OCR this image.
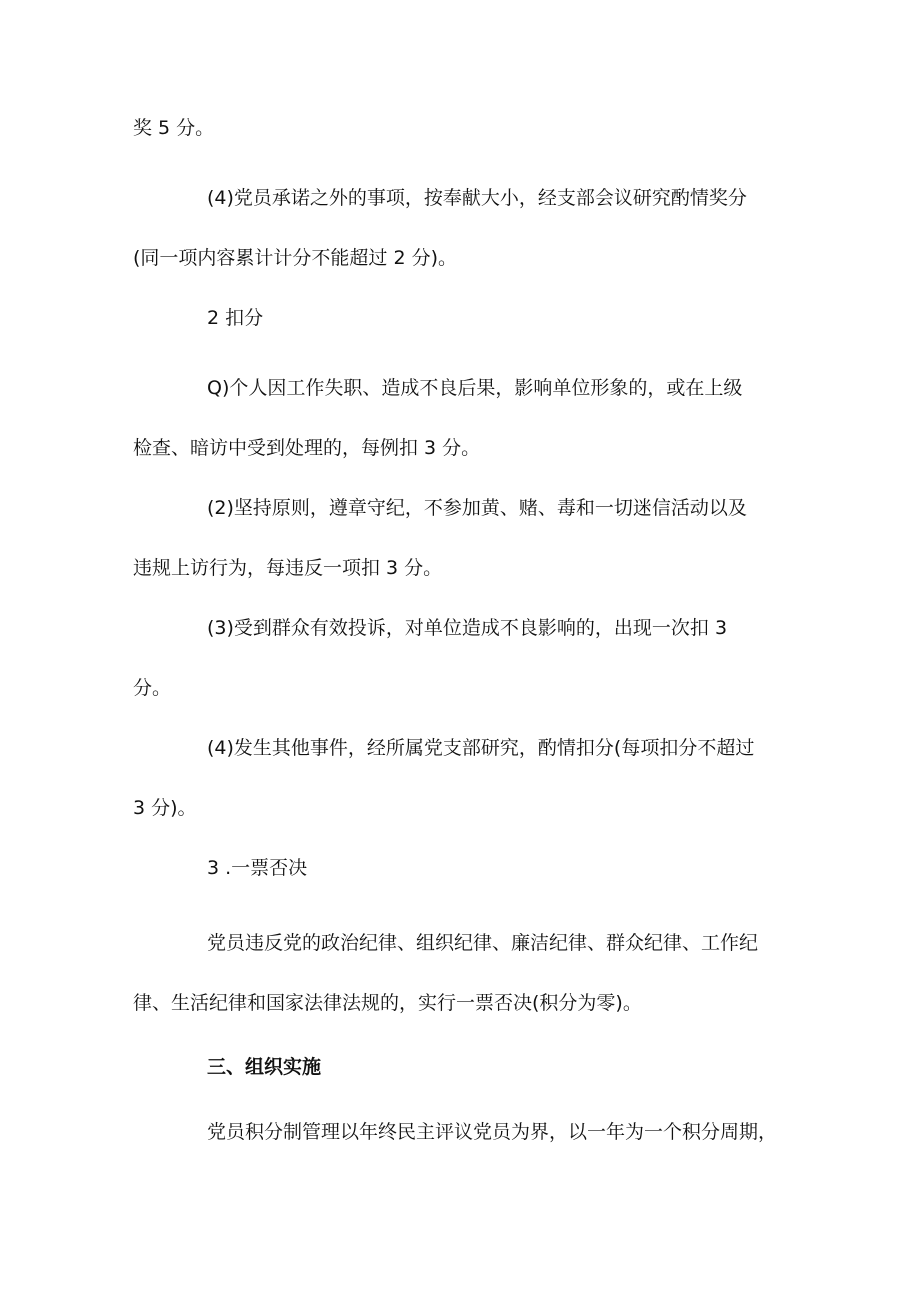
奖 5 分。
(4)党员承诺之外的事项，按奉献大小，经支部会议研究酌情奖分
(同一项内容累计计分不能超过 2 分)。
2 扣分
Q)个人因工作失职、造成不良后果，影响单位形象的，或在上级
检查、暗访中受到处理的，每例扣 3 分。
(2)坚持原则，遵章守纪，不参加黄、赌、毒和一切迷信活动以及
违规上访行为，每违反一项扣 3 分。
(3)受到群众有效投诉，对单位造成不良影响的，出现一次扣 3
分。
(4)发生其他事件，经所属党支部研究，酌情扣分(每项扣分不超过
3 分)。
3 .一票否决
党员违反党的政治纪律、组织纪律、廉洁纪律、群众纪律、工作纪
律、生活纪律和国家法律法规的，实行一票否决(积分为零)。
三、组织实施
党员积分制管理以年终民主评议党员为界，以一年为一个积分周期，
